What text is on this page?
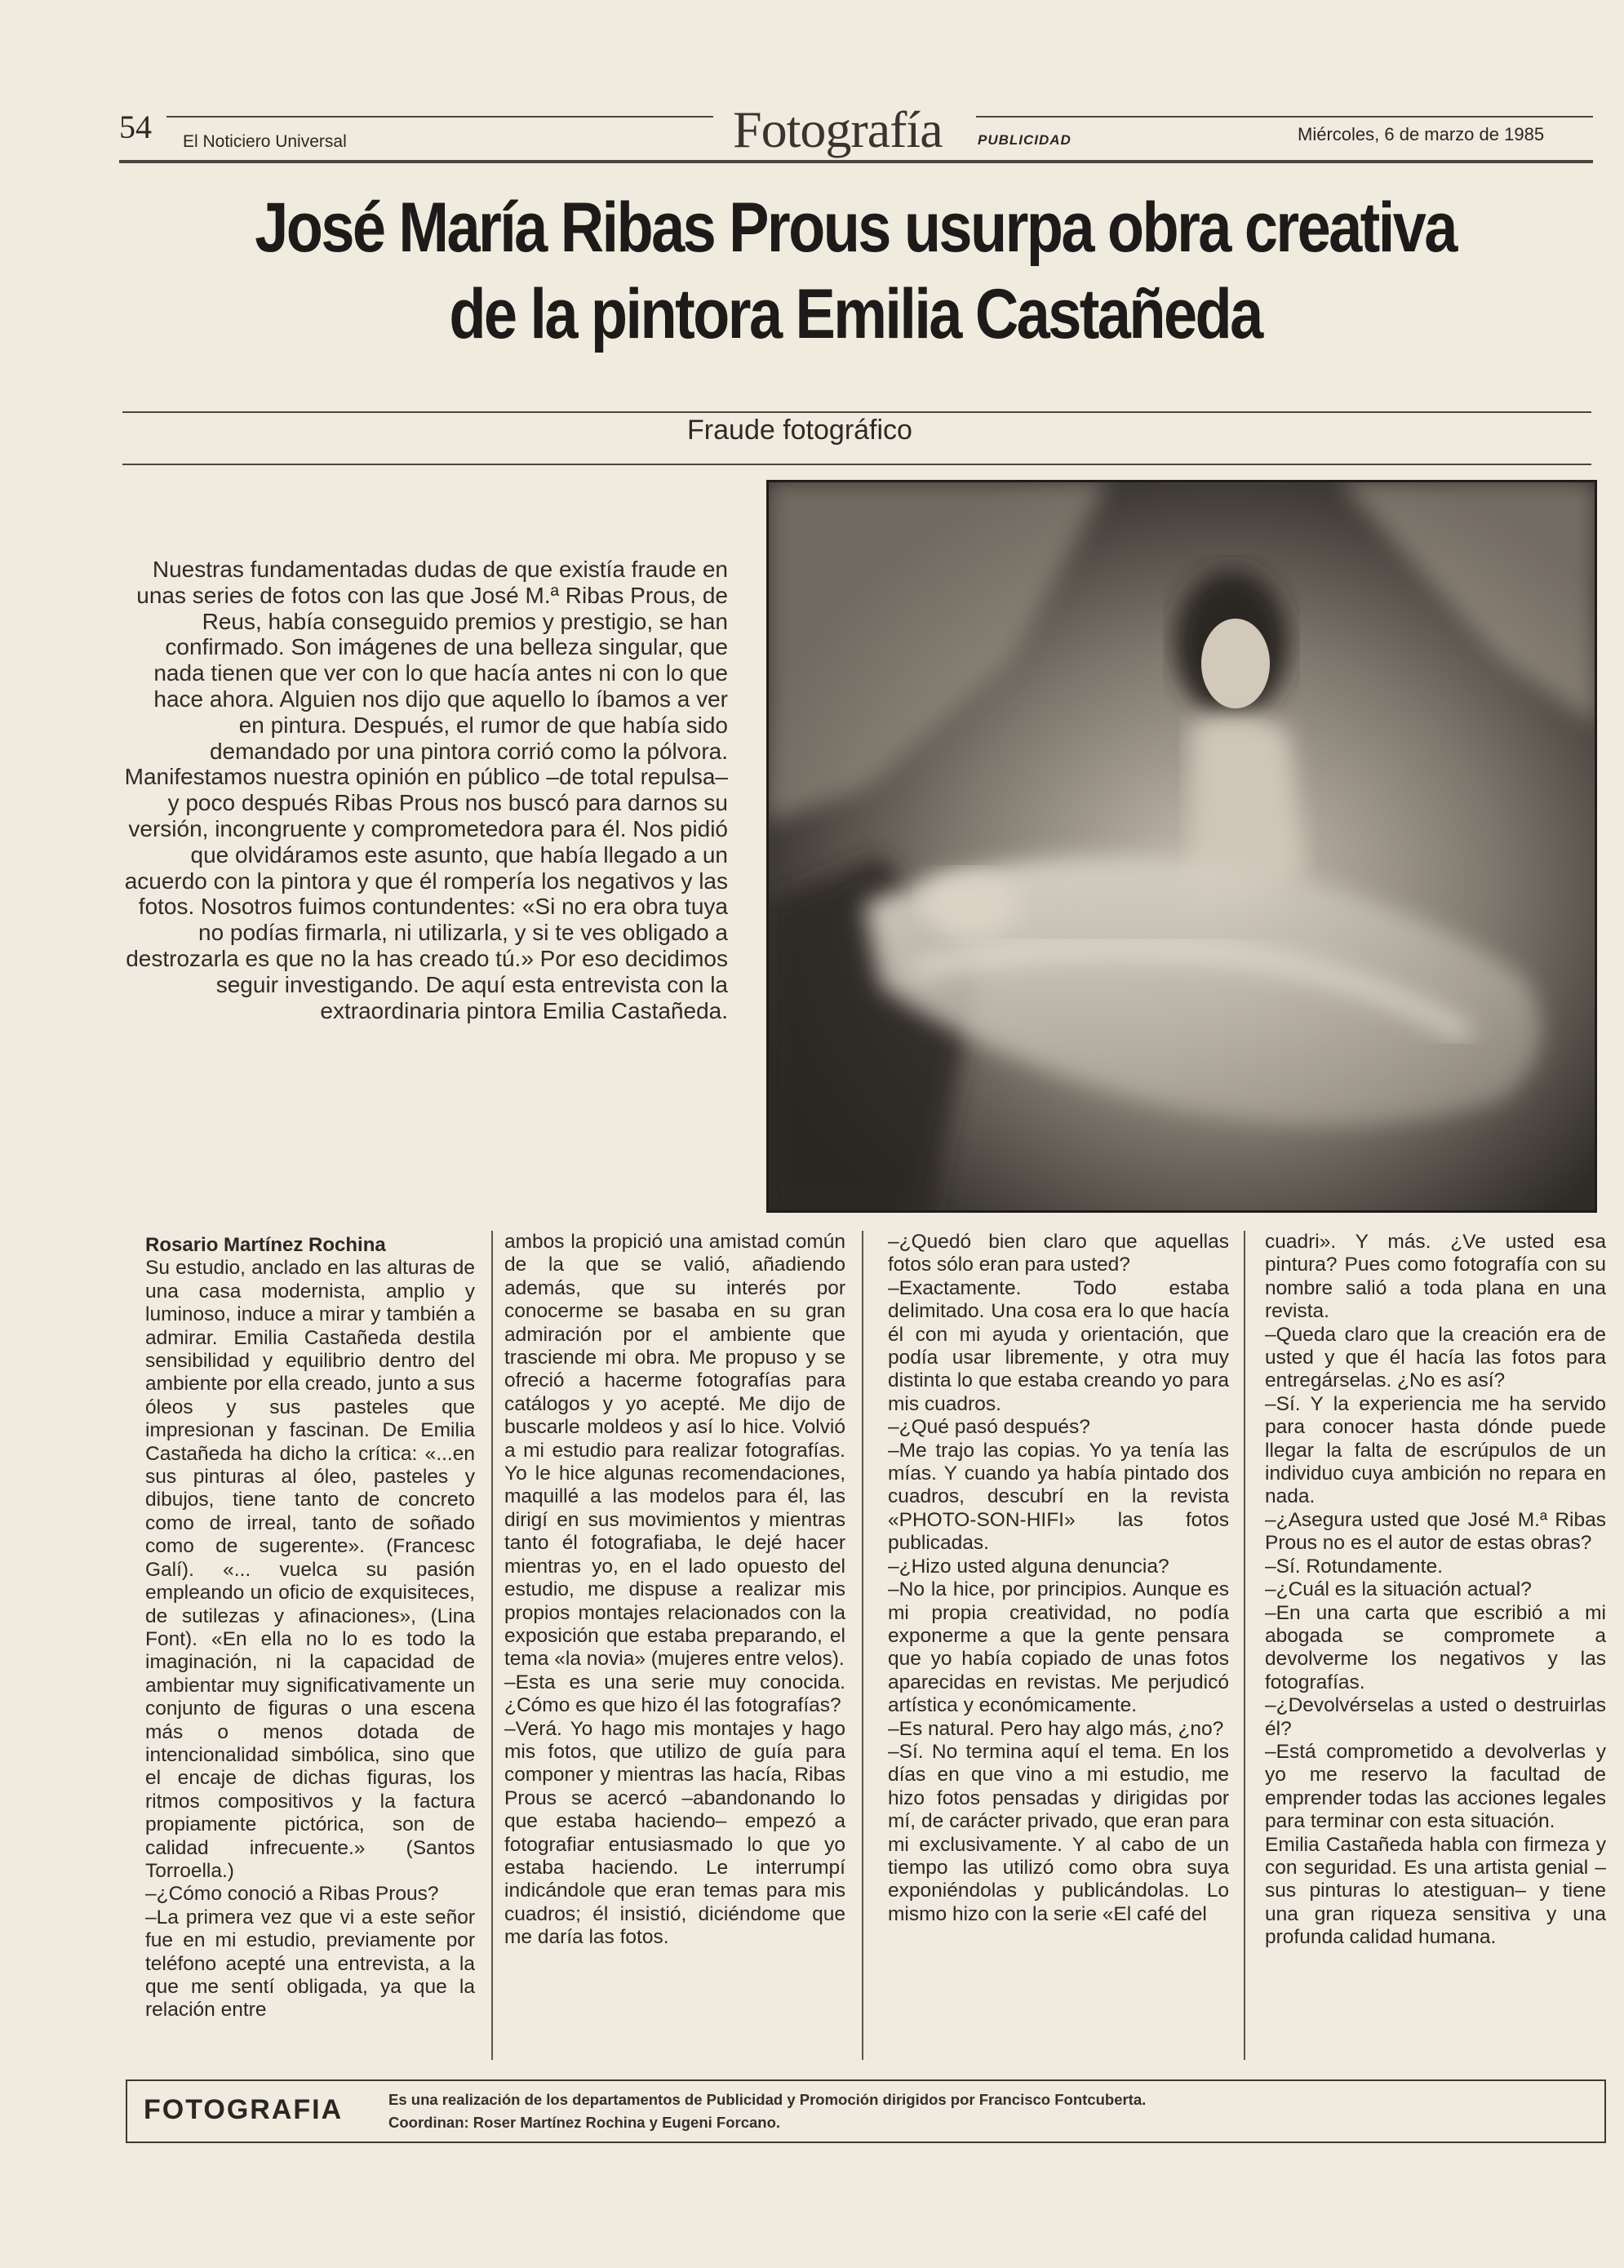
54 El Noticiero Universal	Fotografía	PUBLICIDAD	Miércoles, 6 de marzo de 1985
José María Ribas Prous usurpa obra creativa
de la pintora Emilia Castañeda
Fraude fotográfico
Nuestras fundamentadas dudas de que existía fraude en unas series de fotos con las que José M.ª Ribas Prous, de Reus, había conseguido premios y prestigio, se han confirmado. Son imágenes de una belleza singular, que nada tienen que ver con lo que hacía antes ni con lo que hace ahora. Alguien nos dijo que aquello lo íbamos a ver en pintura. Después, el rumor de que había sido demandado por una pintora corrió como la pólvora. Manifestamos nuestra opinión en público –de total repulsa– y poco después Ribas Prous nos buscó para darnos su versión, incongruente y comprometedora para él. Nos pidió que olvidáramos este asunto, que había llegado a un acuerdo con la pintora y que él rompería los negativos y las fotos. Nosotros fuimos contundentes: «Si no era obra tuya no podías firmarla, ni utilizarla, y si te ves obligado a destrozarla es que no la has creado tú.» Por eso decidimos seguir investigando. De aquí esta entrevista con la extraordinaria pintora Emilia Castañeda.

Rosario Martínez Rochina

Su estudio, anclado en las alturas de una casa modernista, amplio y luminoso, induce a mirar y también a admirar. Emilia Castañeda destila sensibilidad y equilibrio dentro del ambiente por ella creado, junto a sus óleos y sus pasteles que impresionan y fascinan. De Emilia Castañeda ha dicho la crítica: «...en sus pinturas al óleo, pasteles y dibujos, tiene tanto de concreto como de irreal, tanto de soñado como de sugerente». (Francesc Galí). «... vuelca su pasión empleando un oficio de exquisiteces, de sutilezas y afinaciones», (Lina Font). «En ella no lo es todo la imaginación, ni la capacidad de ambientar muy significativamente un conjunto de figuras o una escena más o menos dotada de intencionalidad simbólica, sino que el encaje de dichas figuras, los ritmos compositivos y la factura propiamente pictórica, son de calidad infrecuente.» (Santos Torroella.)

–¿Cómo conoció a Ribas Prous?

–La primera vez que vi a este señor fue en mi estudio, previamente por teléfono acepté una entrevista, a la que me sentí obligada, ya que la relación entre

ambos la propició una amistad común de la que se valió, añadiendo además, que su interés por conocerme se basaba en su gran admiración por el ambiente que trasciende mi obra. Me propuso y se ofreció a hacerme fotografías para catálogos y yo acepté. Me dijo de buscarle moldeos y así lo hice. Volvió a mi estudio para realizar fotografías. Yo le hice algunas recomendaciones, maquillé a las modelos para él, las dirigí en sus movimientos y mientras tanto él fotografiaba, le dejé hacer mientras yo, en el lado opuesto del estudio, me dispuse a realizar mis propios montajes relacionados con la exposición que estaba preparando, el tema «la novia» (mujeres entre velos).

–Esta es una serie muy conocida. ¿Cómo es que hizo él las fotografías?

–Verá. Yo hago mis montajes y hago mis fotos, que utilizo de guía para componer y mientras las hacía, Ribas Prous se acercó –abandonando lo que estaba haciendo– empezó a fotografiar entusiasmado lo que yo estaba haciendo. Le interrumpí indicándole que eran temas para mis cuadros; él insistió, diciéndome que me daría las fotos.

–¿Quedó bien claro que aquellas fotos sólo eran para usted?

–Exactamente. Todo estaba delimitado. Una cosa era lo que hacía él con mi ayuda y orientación, que podía usar libremente, y otra muy distinta lo que estaba creando yo para mis cuadros.

–¿Qué pasó después?

–Me trajo las copias. Yo ya tenía las mías. Y cuando ya había pintado dos cuadros, descubrí en la revista «PHOTO-SON-HIFI» las fotos publicadas.

–¿Hizo usted alguna denuncia?

–No la hice, por principios. Aunque es mi propia creatividad, no podía exponerme a que la gente pensara que yo había copiado de unas fotos aparecidas en revistas. Me perjudicó artística y económicamente.

–Es natural. Pero hay algo más, ¿no?

–Sí. No termina aquí el tema. En los días en que vino a mi estudio, me hizo fotos pensadas y dirigidas por mí, de carácter privado, que eran para mi exclusivamente. Y al cabo de un tiempo las utilizó como obra suya exponiéndolas y publicándolas. Lo mismo hizo con la serie «El café del

cuadri». Y más. ¿Ve usted esa pintura? Pues como fotografía con su nombre salió a toda plana en una revista.

–Queda claro que la creación era de usted y que él hacía las fotos para entregárselas. ¿No es así?

–Sí. Y la experiencia me ha servido para conocer hasta dónde puede llegar la falta de escrúpulos de un individuo cuya ambición no repara en nada.

–¿Asegura usted que José M.ª Ribas Prous no es el autor de estas obras?

–Sí. Rotundamente.

–¿Cuál es la situación actual?

–En una carta que escribió a mi abogada se compromete a devolverme los negativos y las fotografías.

–¿Devolvérselas a usted o destruirlas él?

–Está comprometido a devolverlas y yo me reservo la facultad de emprender todas las acciones legales para terminar con esta situación.

Emilia Castañeda habla con firmeza y con seguridad. Es una artista genial –sus pinturas lo atestiguan– y tiene una gran riqueza sensitiva y una profunda calidad humana.

FOTOGRAFIA	Es una realización de los departamentos de Publicidad y Promoción dirigidos por Francisco Fontcuberta.
Coordinan: Roser Martínez Rochina y Eugeni Forcano.
